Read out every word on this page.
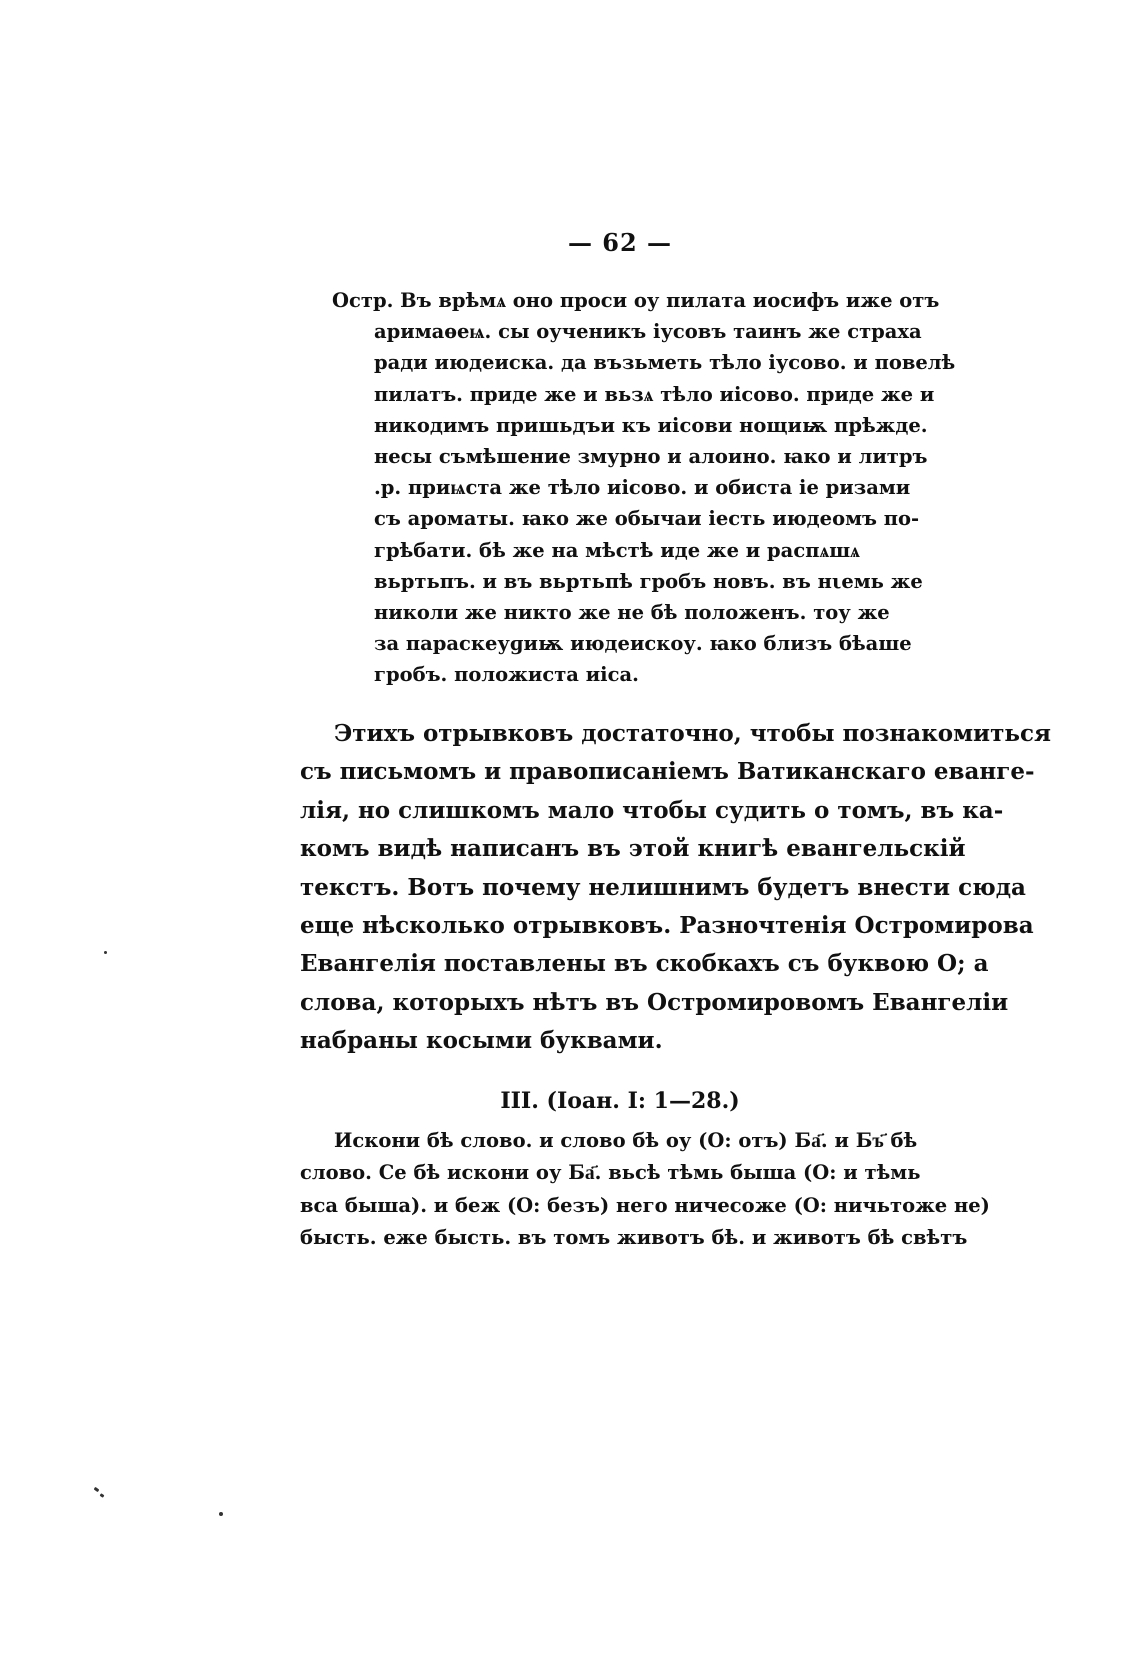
— 62 —
Остр. Въ врѣмѧ оно проси оу пилата иосифъ иже отъ
аримаѳеѩ. сы оученикъ іусовъ таинъ же страха
ради июдеиска. да възьметь тѣло іусово. и повелѣ
пилатъ. приде же и вьзѧ тѣло иісово. приде же и
никодимъ пришьдъи къ иісови нощиѭ прѣжде.
несы съмѣшение змурно и алоино. ꙗко и литръ
.р. приѩста же тѣло иісово. и обиста іе ризами
съ ароматы. ꙗко же обычаи іесть июдеомъ по-
грѣбати. бѣ же на мѣстѣ иде же и распѧшѧ
вьртьпъ. и въ вьртьпѣ гробъ новъ. въ нιемь же
николи же никто же не бѣ положенъ. тоу же
за параскеуɡиѭ июдеискоу. ꙗко близъ бѣаше
гробъ. положиста иіса.
Этихъ отрывковъ достаточно, чтобы познакомиться
съ письмомъ и правописаніемъ Ватиканскаго еванге-
лія, но слишкомъ мало чтобы судить о томъ, въ ка-
комъ видѣ написанъ въ этой книгѣ евангельскій
текстъ. Вотъ почему нелишнимъ будетъ внести сюда
еще нѣсколько отрывковъ. Разночтенія Остромирова
Евангелія поставлены въ скобкахъ съ буквою О; а
слова, которыхъ нѣтъ въ Остромировомъ Евангеліи
набраны косыми буквами.
III. (Іоан. I: 1—28.)
Искони бѣ слово. и слово бѣ оу (О: отъ) Ба҃. и Бъ҃ бѣ
слово. Се бѣ искони оу Ба҃. вьсѣ тѣмь быша (О: и тѣмь
вса быша). и беж (О: безъ) него ничесоже (О: ничьтоже не)
бысть. еже бысть. въ томъ животъ бѣ. и животъ бѣ свѣтъ
